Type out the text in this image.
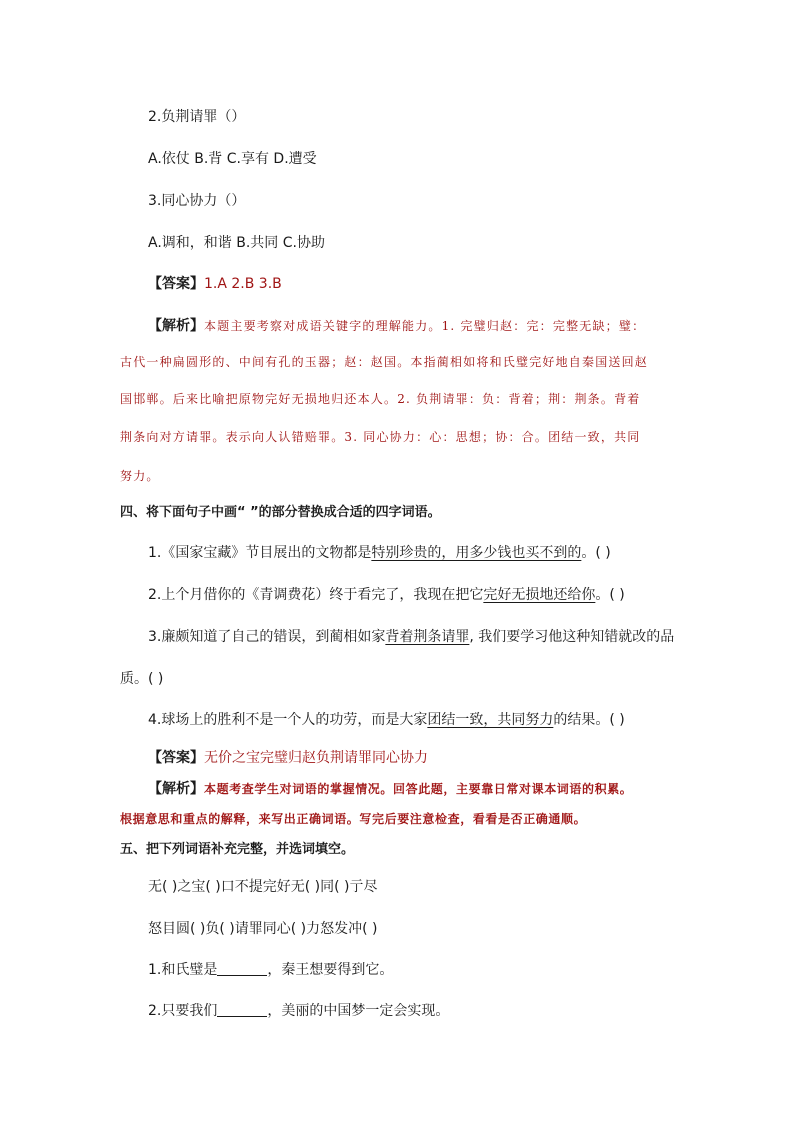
2.负荆请罪（）
A.依仗 B.背 C.享有 D.遭受
3.同心协力（）
A.调和，和谐 B.共同 C.协助
【答案】1.A 2.B 3.B
【解析】本题主要考察对成语关键字的理解能力。1. 完璧归赵：完：完整无缺；璧：
古代一种扁圆形的、中间有孔的玉器；赵：赵国。本指蔺相如将和氏璧完好地自秦国送回赵
国邯郸。后来比喻把原物完好无损地归还本人。2. 负荆请罪：负：背着；荆：荆条。背着
荆条向对方请罪。表示向人认错赔罪。3. 同心协力：心：思想；协：合。团结一致，共同
努力。
四、将下面句子中画“ ”的部分替换成合适的四字词语。
1.《国家宝藏》节目展出的文物都是特别珍贵的，用多少钱也买不到的。( )
2.上个月借你的《青调费花）终于看完了，我现在把它完好无损地还给你。( )
3.廉颇知道了自己的错误，到蔺相如家背着荆条请罪, 我们要学习他这种知错就改的品
质。( )
4.球场上的胜利不是一个人的功劳，而是大家团结一致，共同努力的结果。( )
【答案】无价之宝完璧归赵负荆请罪同心协力
【解析】本题考查学生对词语的掌握情况。回答此题，主要靠日常对课本词语的积累。
根据意思和重点的解释，来写出正确词语。写完后要注意检查，看看是否正确通顺。
五、把下列词语补充完整，并选词填空。
无( )之宝( )口不提完好无( )同( )亍尽
怒目圆( )负( )请罪同心( )力怒发冲( )
1.和氏璧是	，秦王想要得到它。
2.只要我们	，美丽的中国梦一定会实现。
